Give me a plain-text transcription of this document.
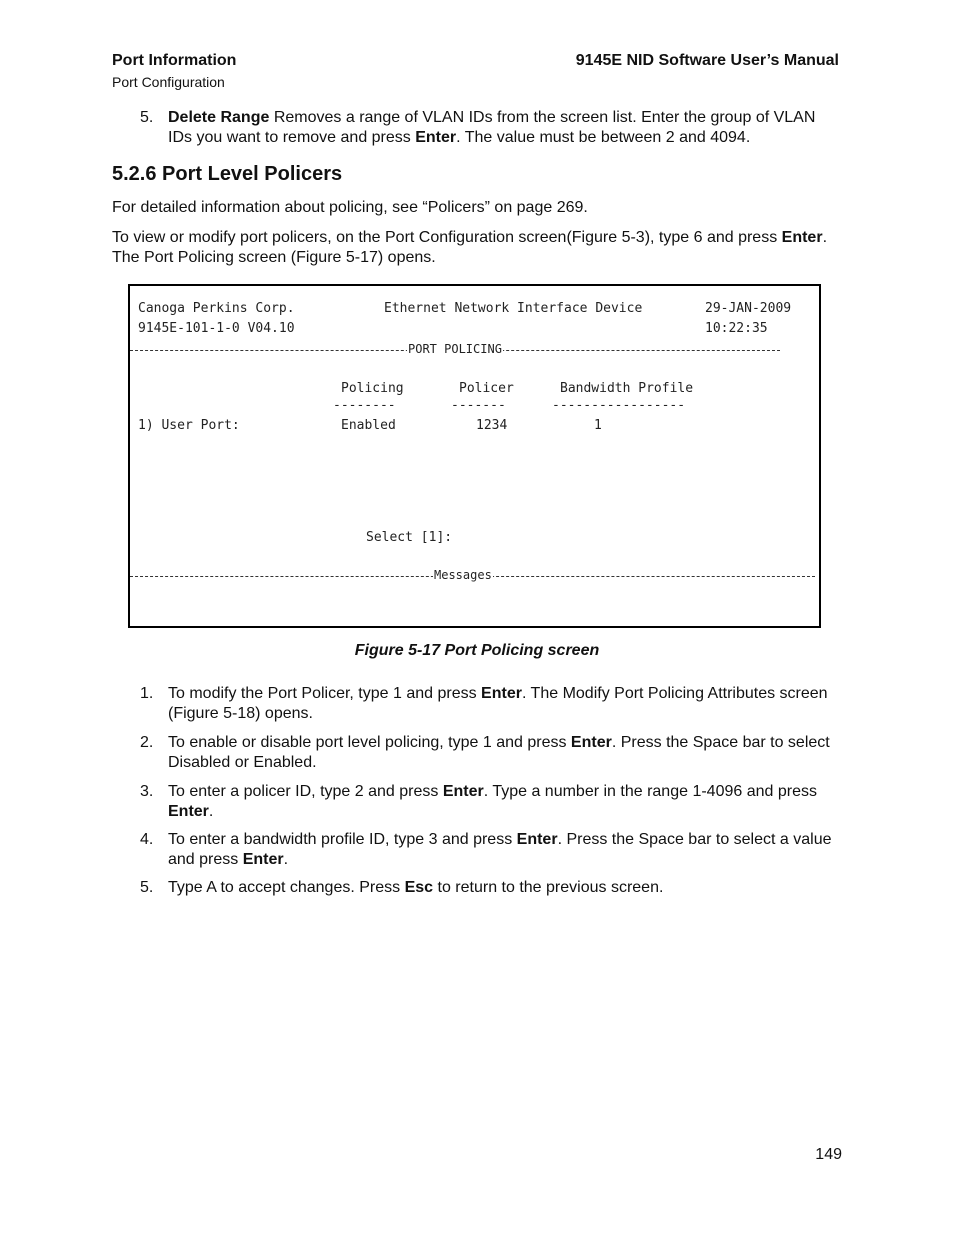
Port Information
Port Configuration
9145E NID Software User’s Manual
5. Delete Range Removes a range of VLAN IDs from the screen list. Enter the group of VLAN IDs you want to remove and press Enter. The value must be between 2 and 4094.
5.2.6 Port Level Policers
For detailed information about policing, see “Policers” on page 269.
To view or modify port policers, on the Port Configuration screen(Figure 5-3), type 6 and press Enter. The Port Policing screen (Figure 5-17) opens.
Canoga Perkins Corp.	Ethernet Network Interface Device	29-JAN-2009
9145E-101-1-0 V04.10	10:22:35
PORT POLICING
Policing	Policer	Bandwidth Profile
--------	-------	-----------------
1) User Port:	Enabled	1234	1
Select [1]:
Messages
Figure 5-17 Port Policing screen
1. To modify the Port Policer, type 1 and press Enter. The Modify Port Policing Attributes screen (Figure 5-18) opens.
2. To enable or disable port level policing, type 1 and press Enter. Press the Space bar to select Disabled or Enabled.
3. To enter a policer ID, type 2 and press Enter. Type a number in the range 1-4096 and press Enter.
4. To enter a bandwidth profile ID, type 3 and press Enter. Press the Space bar to select a value and press Enter.
5. Type A to accept changes. Press Esc to return to the previous screen.
149
